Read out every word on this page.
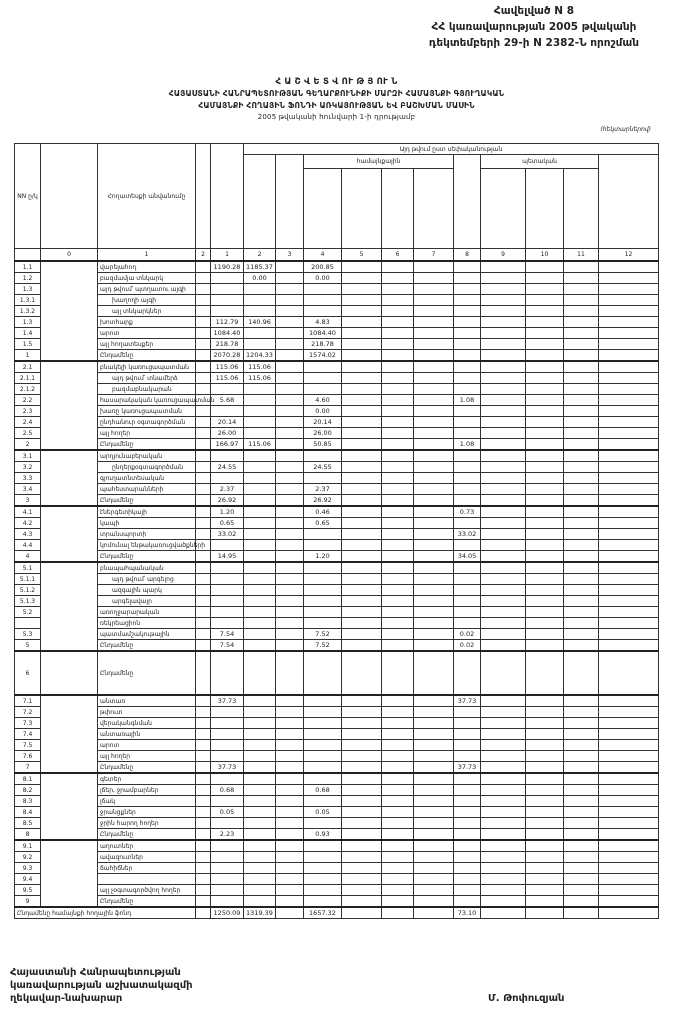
Հավելված N 8
ՀՀ կառավարության 2005 թվականի
դեկտեմբերի 29-ի N 2382-Ն որոշման
Հ Ա Շ Վ Ե Տ Վ ՈՒ Թ Յ ՈՒ Ն
ՀԱՅԱՍՏԱՆԻ ՀԱՆՐԱՊԵՏՈՒԹՅԱՆ ԳԵՂԱՐՔՈՒՆԻՔԻ ՄԱՐԶԻ ՀԱՄԱՅՆՔԻ ԳՅՈՒՂԱԿԱՆ
ՀԱՄԱՅՆՔԻ ՀՈՂԱՅԻՆ ՖՈՆԴԻ ԱՌԿԱՅՈՒԹՅԱՆ ԵՎ ԲԱՇԽՄԱՆ ՄԱՍԻՆ
2005 թվականի հունվարի 1-ի դրությամբ
(հեկտարներով)
NN ը/կ		Հողատեսքի անվանումը			Այդ թվում ըստ սեփականության										
							համայնքային					պետական			

	0	1	2	1	2	3	4	5	6	7	8	9	10	11	12
1.1		վարելահող		1190.28	1185.37		200.85								
1.2		բազմամյա տնկարկ			0.00		0.00								
1.3		այդ թվում՝ պտղատու այգի													
1.3.1		խաղողի այգի													
1.3.2		այլ տնկարկներ													
1.3		խոտհարք		112.79	140.96		4.83								
1.4		արոտ		1084.40			1084.40								
1.5		այլ հողատեսքեր		218.78			218.78								
1		Ընդամենը		2070.28	1204.33		1574.02								
2.1		բնակելի կառուցապատման		115.06	115.06										
2.1.1		այդ թվում՝ տնամերձ		115.06	115.06										
2.1.2		բազմաբնակարան													
2.2		հասարակական կառուցապատման		5.68			4.60				1.08				
2.3		խառը կառուցապատման					0.00								
2.4		ընդհանուր օգտագործման		20.14			20.14								
2.5		այլ հողեր		26.00			26.00								
2		Ընդամենը		166.97	115.06		50.85				1.08				
3.1		արդյունաբերական													
3.2		ընդերքօգտագործման		24.55			24.55								
3.3		գյուղատնտեսական													
3.4		պահեստարանների		2.37			2.37								
3		Ընդամենը		26.92			26.92								
4.1		էներգետիկայի		1.20			0.46				0.73				
4.2		կապի		0.65			0.65								
4.3		տրանսպորտի		33.02							33.02				
4.4		կոմունալ ենթակառուցվածքների													
4		Ընդամենը		14.95			1.20				34.05				
5.1		բնապահպանական													
5.1.1		այդ թվում՝ արգելոց													
5.1.2		ազգային պարկ													
5.1.3		արգելավայր													
5.2		առողջարարական													
		ռեկրեացիոն													
5.3		պատմամշակութային		7.54			7.52				0.02				
5		Ընդամենը		7.54			7.52				0.02				
6		Ընդամենը													
7.1		անտառ		37.73							37.73				
7.2		թփուտ													
7.3		վերականգնման													
7.4		անտառային													
7.5		արոտ													
7.6		այլ հողեր													
7		Ընդամենը		37.73							37.73				
8.1		գետեր													
8.2		լճեր, ջրամբարներ		0.68			0.68								
8.3		լճակ													
8.4		ջրանցքներ		0.05			0.05								
8.5		ջրին հարող հողեր													
8		Ընդամենը		2.23			0.93								
9.1		աղուտներ													
9.2		ավազուտներ													
9.3		ճահիճներ													
9.4															
9.5		այլ չօգտագործվող հողեր													
9		Ընդամենը													
Ընդամենը համայնքի հողային ֆոնդ				1250.09	1319.39		1657.32				73.10				
Հայաստանի Հանրապետության
կառավարության աշխատակազմի
ղեկավար-նախարար	Մ. Թոփուզյան
